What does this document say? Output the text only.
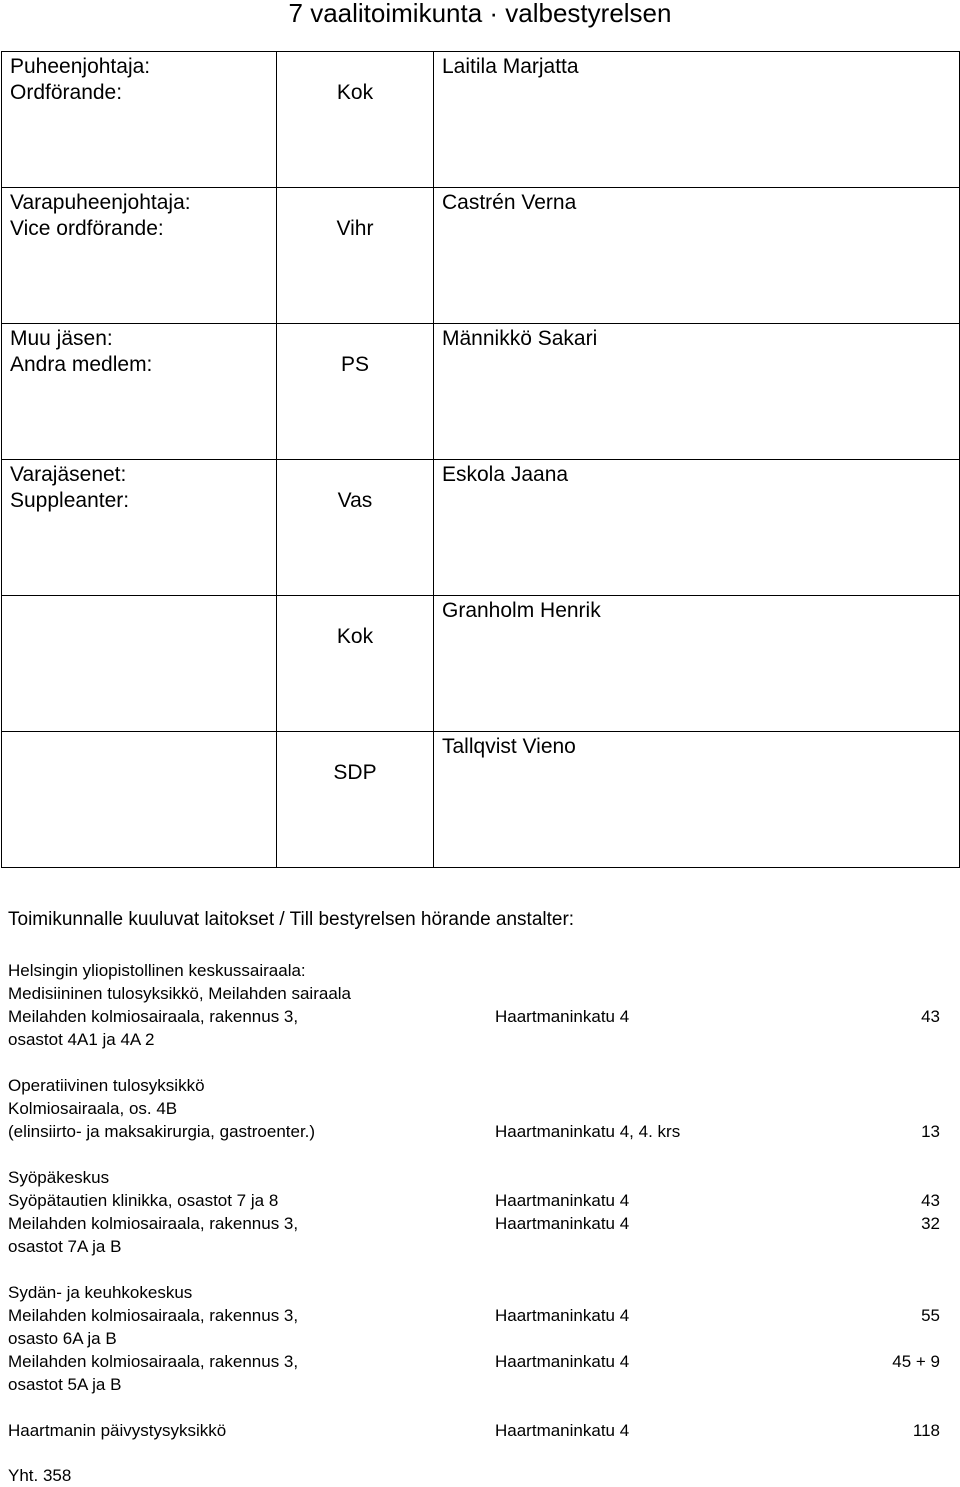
7 vaalitoimikunta · valbestyrelsen
Puheenjohtaja:
Ordförande:	Kok	Laitila Marjatta

Varapuheenjohtaja:
Vice ordförande:	Vihr	Castrén Verna

Muu jäsen:
Andra medlem:	PS	Männikkö Sakari

Varajäsenet:
Suppleanter:	Vas	Eskola Jaana

	Kok	Granholm Henrik

	SDP	Tallqvist Vieno
Toimikunnalle kuuluvat laitokset / Till bestyrelsen hörande anstalter:
Helsingin yliopistollinen keskussairaala:
Medisiininen tulosyksikkö, Meilahden sairaala
Meilahden kolmiosairaala, rakennus 3,	Haartmaninkatu 4	43
osastot 4A1 ja 4A 2
Operatiivinen tulosyksikkö
Kolmiosairaala, os. 4B
(elinsiirto- ja maksakirurgia, gastroenter.)	Haartmaninkatu 4, 4. krs	13
Syöpäkeskus
Syöpätautien klinikka, osastot 7 ja 8	Haartmaninkatu 4	43
Meilahden kolmiosairaala, rakennus 3,	Haartmaninkatu 4	32
osastot 7A ja B
Sydän- ja keuhkokeskus
Meilahden kolmiosairaala, rakennus 3,	Haartmaninkatu 4	55
osasto 6A ja B
Meilahden kolmiosairaala, rakennus 3,	Haartmaninkatu 4	45 + 9
osastot 5A ja B
Haartmanin päivystysyksikkö	Haartmaninkatu 4	118
Yht. 358
